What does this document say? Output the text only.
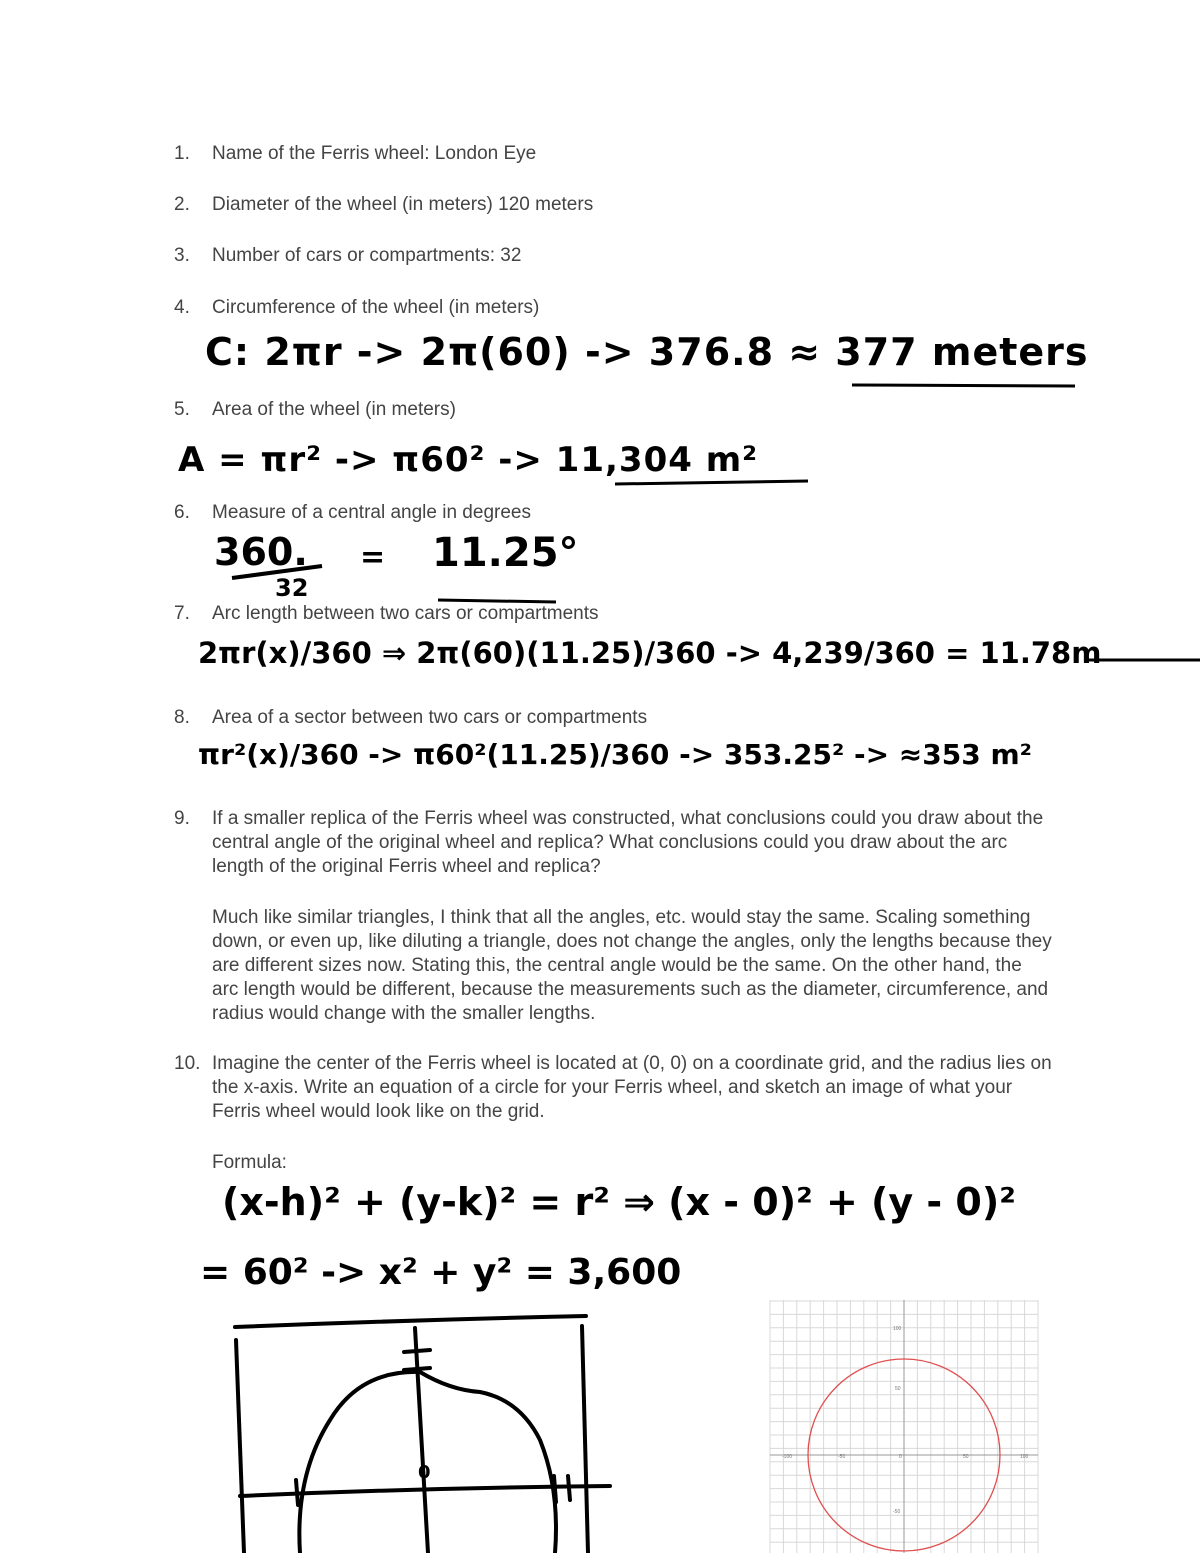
1.	Name of the Ferris wheel: London Eye
2.	Diameter of the wheel (in meters) 120 meters
3.	Number of cars or compartments: 32
4.	Circumference of the wheel (in meters)
5.	Area of the wheel (in meters)
6.	Measure of a central angle in degrees
7.	Arc length between two cars or compartments
8.	Area of a sector between two cars or compartments
9.	If a smaller replica of the Ferris wheel was constructed, what conclusions could you draw about the central angle of the original wheel and replica? What conclusions could you draw about the arc length of the original Ferris wheel and replica?
Much like similar triangles, I think that all the angles, etc. would stay the same. Scaling something down, or even up, like diluting a triangle, does not change the angles, only the lengths because they are different sizes now. Stating this, the central angle would be the same. On the other hand, the arc length would be different, because the measurements such as the diameter, circumference, and radius would change with the smaller lengths.
10. Imagine the center of the Ferris wheel is located at (0, 0) on a coordinate grid, and the radius lies on the x-axis. Write an equation of a circle for your Ferris wheel, and sketch an image of what your Ferris wheel would look like on the grid.
Formula:
C: 2πr -> 2π(60) -> 376.8 ≈ 377 meters
A = πr² -> π60² -> 11,304 m²
360.
32
= 11.25°
2πr(x)/360 ⇒ 2π(60)(11.25)/360 -> 4,239/360 = 11.78m
πr²(x)/360 -> π60²(11.25)/360 -> 353.25² -> ≈353 m²
(x-h)² + (y-k)² = r² ⇒ (x - 0)² + (y - 0)²
= 60² -> x² + y² = 3,600
0
-100	-50	0	50	100
100
50
-50
